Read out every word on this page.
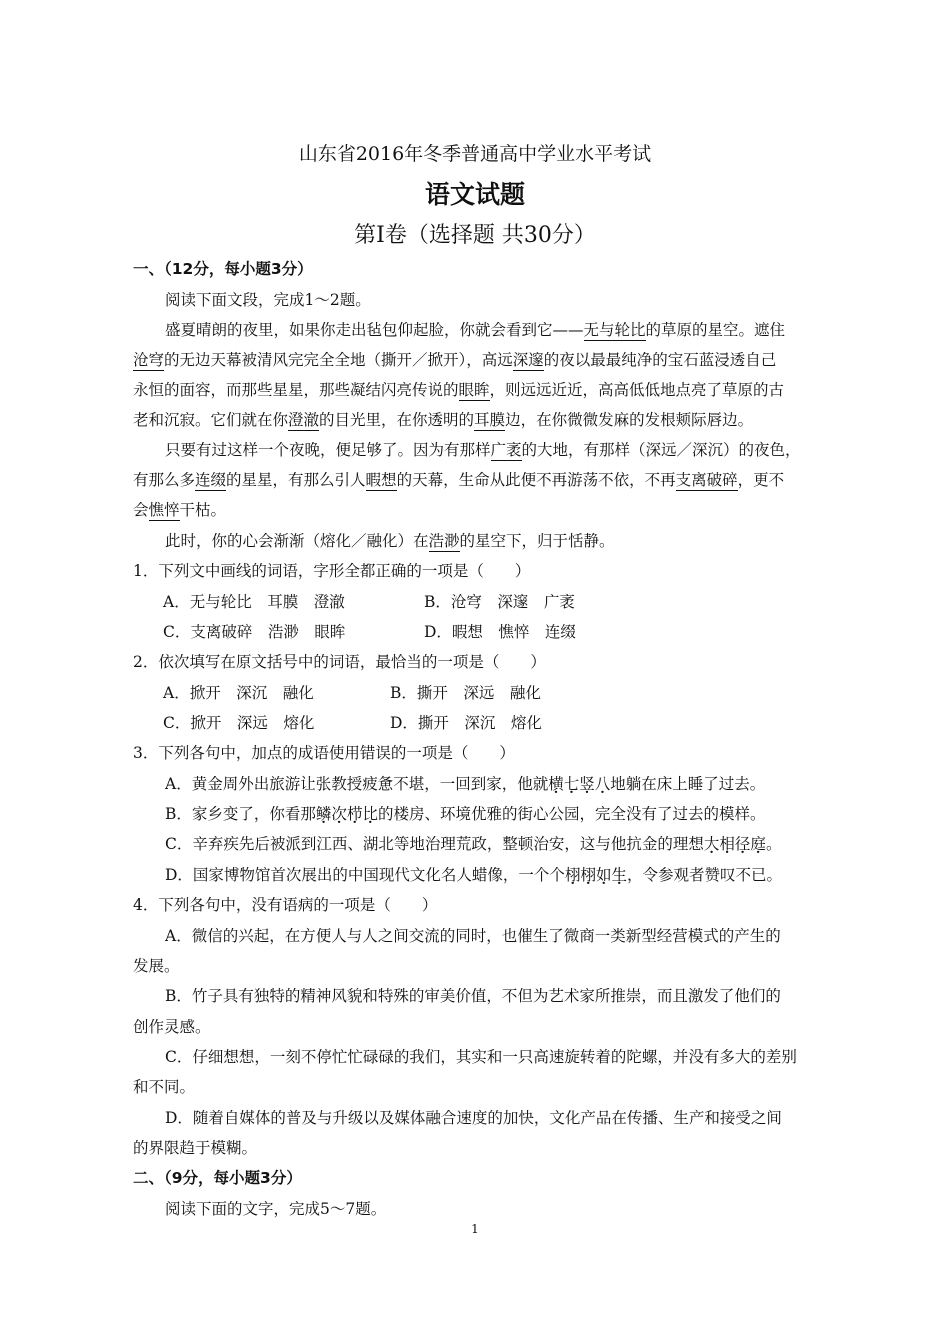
山东省2016年冬季普通高中学业水平考试
语文试题
第Ⅰ卷（选择题 共30分）
一、（12分，每小题3分）
阅读下面文段，完成1～2题。
盛夏晴朗的夜里，如果你走出毡包仰起脸，你就会看到它——无与轮比的草原的星空。遮住
沧穹的无边天幕被清风完完全全地（撕开／掀开），高远深邃的夜以最最纯净的宝石蓝浸透自己
永恒的面容，而那些星星，那些凝结闪亮传说的眼眸，则远远近近，高高低低地点亮了草原的古
老和沉寂。它们就在你澄澈的目光里，在你透明的耳膜边，在你微微发麻的发根颊际唇边。
只要有过这样一个夜晚，便足够了。因为有那样广袤的大地，有那样（深远／深沉）的夜色，
有那么多连缀的星星，有那么引人暇想的天幕，生命从此便不再游荡不依，不再支离破碎，更不
会憔悴干枯。
此时，你的心会渐渐（熔化／融化）在浩渺的星空下，归于恬静。
1．下列文中画线的词语，字形全都正确的一项是（　　）
A．无与轮比　耳膜　澄澈	B．沧穹　深邃　广袤
C．支离破碎　浩渺　眼眸	D．暇想　憔悴　连缀
2．依次填写在原文括号中的词语，最恰当的一项是（　　）
A．掀开　深沉　融化	B．撕开　深远　融化
C．掀开　深远　熔化	D．撕开　深沉　熔化
3．下列各句中，加点的成语使用错误的一项是（　　）
A．黄金周外出旅游让张教授疲惫不堪，一回到家，他就横七竖八地躺在床上睡了过去。
B．家乡变了，你看那鳞次栉比的楼房、环境优雅的街心公园，完全没有了过去的模样。
C．辛弃疾先后被派到江西、湖北等地治理荒政，整顿治安，这与他抗金的理想大相径庭。
D．国家博物馆首次展出的中国现代文化名人蜡像，一个个栩栩如生，令参观者赞叹不已。
4．下列各句中，没有语病的一项是（　　）
A．微信的兴起，在方便人与人之间交流的同时，也催生了微商一类新型经营模式的产生的
发展。
B．竹子具有独特的精神风貌和特殊的审美价值，不但为艺术家所推崇，而且激发了他们的
创作灵感。
C．仔细想想，一刻不停忙忙碌碌的我们，其实和一只高速旋转着的陀螺，并没有多大的差别
和不同。
D．随着自媒体的普及与升级以及媒体融合速度的加快，文化产品在传播、生产和接受之间
的界限趋于模糊。
二、（9分，每小题3分）
阅读下面的文字，完成5～7题。
1
